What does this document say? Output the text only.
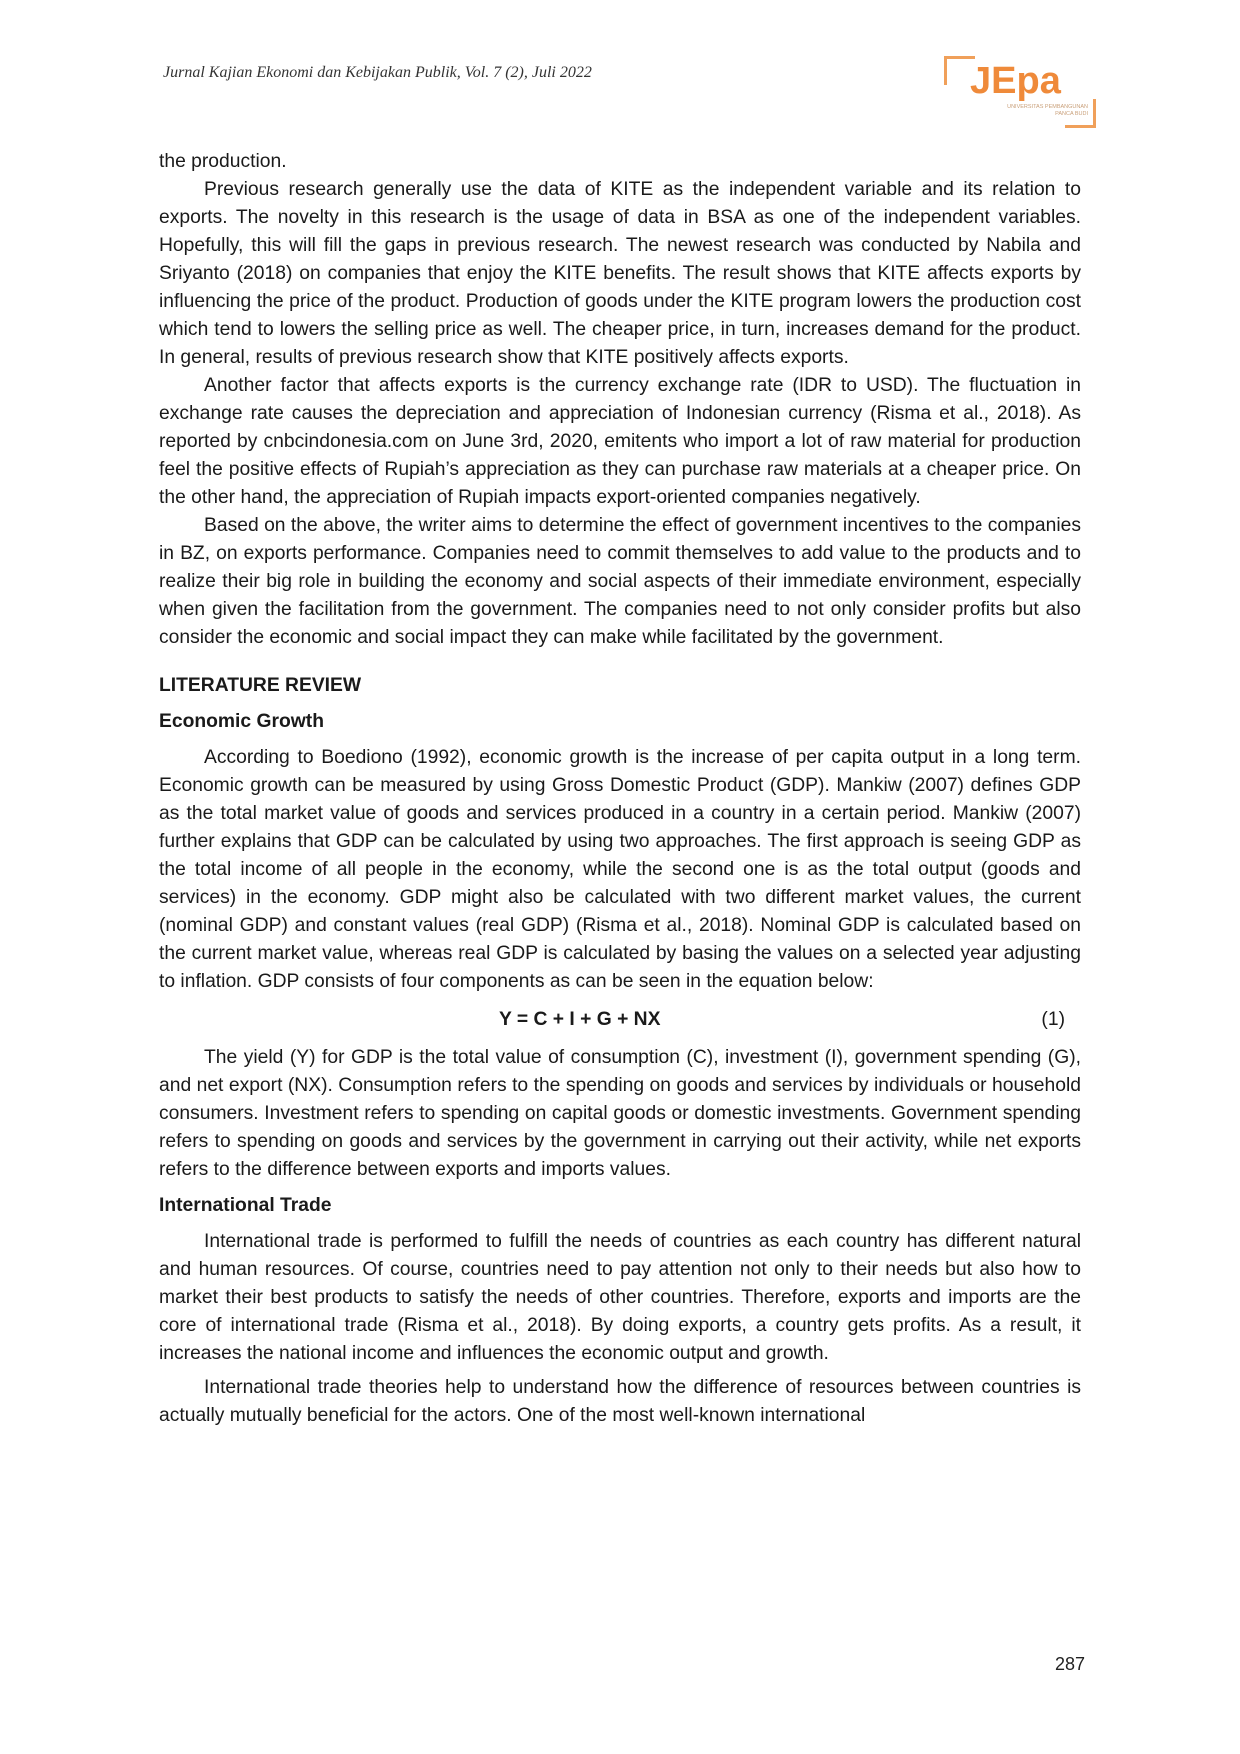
Jurnal Kajian Ekonomi dan Kebijakan Publik, Vol. 7 (2), Juli 2022	JEpa
UNIVERSITAS PEMBANGUNAN PANCA BUDI

the production.

Previous research generally use the data of KITE as the independent variable and its relation to exports. The novelty in this research is the usage of data in BSA as one of the independent variables. Hopefully, this will fill the gaps in previous research. The newest research was conducted by Nabila and Sriyanto (2018) on companies that enjoy the KITE benefits. The result shows that KITE affects exports by influencing the price of the product. Production of goods under the KITE program lowers the production cost which tend to lowers the selling price as well. The cheaper price, in turn, increases demand for the product. In general, results of previous research show that KITE positively affects exports.

Another factor that affects exports is the currency exchange rate (IDR to USD). The fluctuation in exchange rate causes the depreciation and appreciation of Indonesian currency (Risma et al., 2018). As reported by cnbcindonesia.com on June 3rd, 2020, emitents who import a lot of raw material for production feel the positive effects of Rupiah’s appreciation as they can purchase raw materials at a cheaper price. On the other hand, the appreciation of Rupiah impacts export-oriented companies negatively.

Based on the above, the writer aims to determine the effect of government incentives to the companies in BZ, on exports performance. Companies need to commit themselves to add value to the products and to realize their big role in building the economy and social aspects of their immediate environment, especially when given the facilitation from the government. The companies need to not only consider profits but also consider the economic and social impact they can make while facilitated by the government.

LITERATURE REVIEW

Economic Growth

According to Boediono (1992), economic growth is the increase of per capita output in a long term. Economic growth can be measured by using Gross Domestic Product (GDP). Mankiw (2007) defines GDP as the total market value of goods and services produced in a country in a certain period. Mankiw (2007) further explains that GDP can be calculated by using two approaches. The first approach is seeing GDP as the total income of all people in the economy, while the second one is as the total output (goods and services) in the economy. GDP might also be calculated with two different market values, the current (nominal GDP) and constant values (real GDP) (Risma et al., 2018). Nominal GDP is calculated based on the current market value, whereas real GDP is calculated by basing the values on a selected year adjusting to inflation. GDP consists of four components as can be seen in the equation below:

Y = C + I + G + NX	(1)

The yield (Y) for GDP is the total value of consumption (C), investment (I), government spending (G), and net export (NX). Consumption refers to the spending on goods and services by individuals or household consumers. Investment refers to spending on capital goods or domestic investments. Government spending refers to spending on goods and services by the government in carrying out their activity, while net exports refers to the difference between exports and imports values.

International Trade

International trade is performed to fulfill the needs of countries as each country has different natural and human resources. Of course, countries need to pay attention not only to their needs but also how to market their best products to satisfy the needs of other countries. Therefore, exports and imports are the core of international trade (Risma et al., 2018). By doing exports, a country gets profits. As a result, it increases the national income and influences the economic output and growth.

International trade theories help to understand how the difference of resources between countries is actually mutually beneficial for the actors. One of the most well-known international

287
